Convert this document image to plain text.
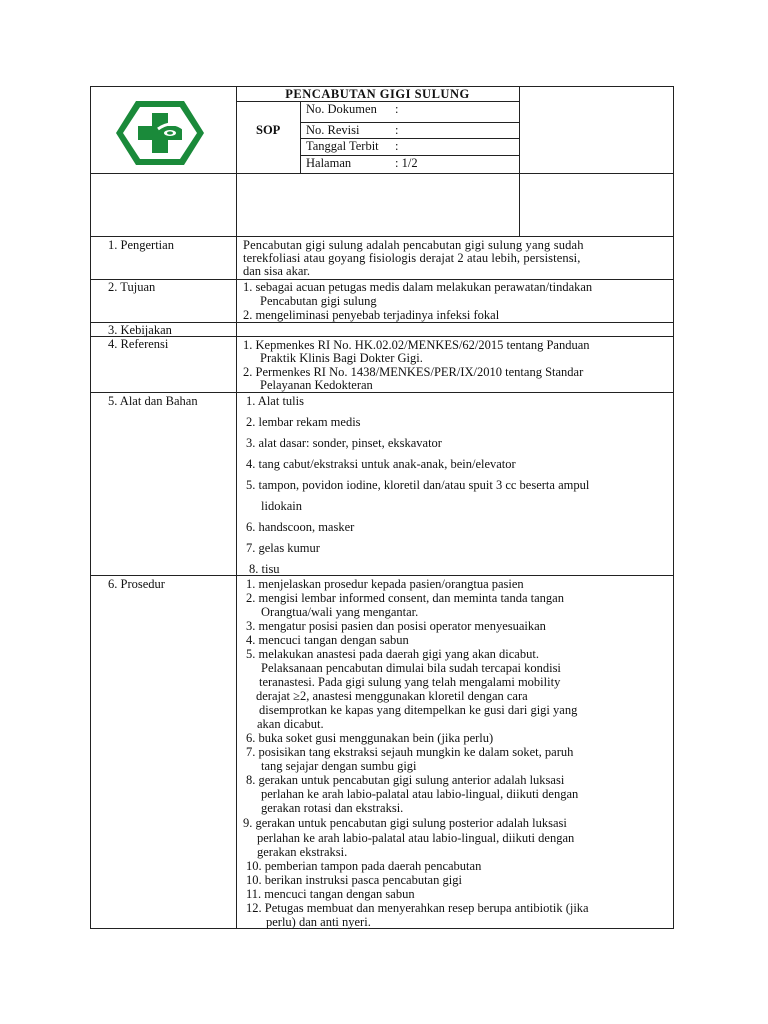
PENCABUTAN GIGI SULUNG
SOP
No. Dokumen :
No. Revisi	:
Tanggal Terbit :
Halaman	: 1/2
1. Pengertian
2. Tujuan
3. Kebijakan
4. Referensi
5. Alat dan Bahan
6. Prosedur
Pencabutan gigi sulung adalah pencabutan gigi sulung yang sudah
terekfoliasi atau goyang fisiologis derajat 2 atau lebih, persistensi,
dan sisa akar.
1. sebagai acuan petugas medis dalam melakukan perawatan/tindakan
Pencabutan gigi sulung
2. mengeliminasi penyebab terjadinya infeksi fokal
1. Kepmenkes RI No. HK.02.02/MENKES/62/2015 tentang Panduan
Praktik Klinis Bagi Dokter Gigi.
2. Permenkes RI No. 1438/MENKES/PER/IX/2010 tentang Standar
Pelayanan Kedokteran
1. Alat tulis
2. lembar rekam medis
3. alat dasar: sonder, pinset, ekskavator
4. tang cabut/ekstraksi untuk anak-anak, bein/elevator
5. tampon, povidon iodine, kloretil dan/atau spuit 3 cc beserta ampul
lidokain
6. handscoon, masker
7. gelas kumur
8. tisu
1. menjelaskan prosedur kepada pasien/orangtua pasien
2. mengisi lembar informed consent, dan meminta tanda tangan
Orangtua/wali yang mengantar.
3. mengatur posisi pasien dan posisi operator menyesuaikan
4. mencuci tangan dengan sabun
5. melakukan anastesi pada daerah gigi yang akan dicabut.
Pelaksanaan pencabutan dimulai bila sudah tercapai kondisi
teranastesi. Pada gigi sulung yang telah mengalami mobility
derajat ≥2, anastesi menggunakan kloretil dengan cara
disemprotkan ke kapas yang ditempelkan ke gusi dari gigi yang
akan dicabut.
6. buka soket gusi menggunakan bein (jika perlu)
7. posisikan tang ekstraksi sejauh mungkin ke dalam soket, paruh
tang sejajar dengan sumbu gigi
8. gerakan untuk pencabutan gigi sulung anterior adalah luksasi
perlahan ke arah labio-palatal atau labio-lingual, diikuti dengan
gerakan rotasi dan ekstraksi.
9. gerakan untuk pencabutan gigi sulung posterior adalah luksasi
perlahan ke arah labio-palatal atau labio-lingual, diikuti dengan
gerakan ekstraksi.
10. pemberian tampon pada daerah pencabutan
10. berikan instruksi pasca pencabutan gigi
11. mencuci tangan dengan sabun
12. Petugas membuat dan menyerahkan resep berupa antibiotik (jika
perlu) dan anti nyeri.
